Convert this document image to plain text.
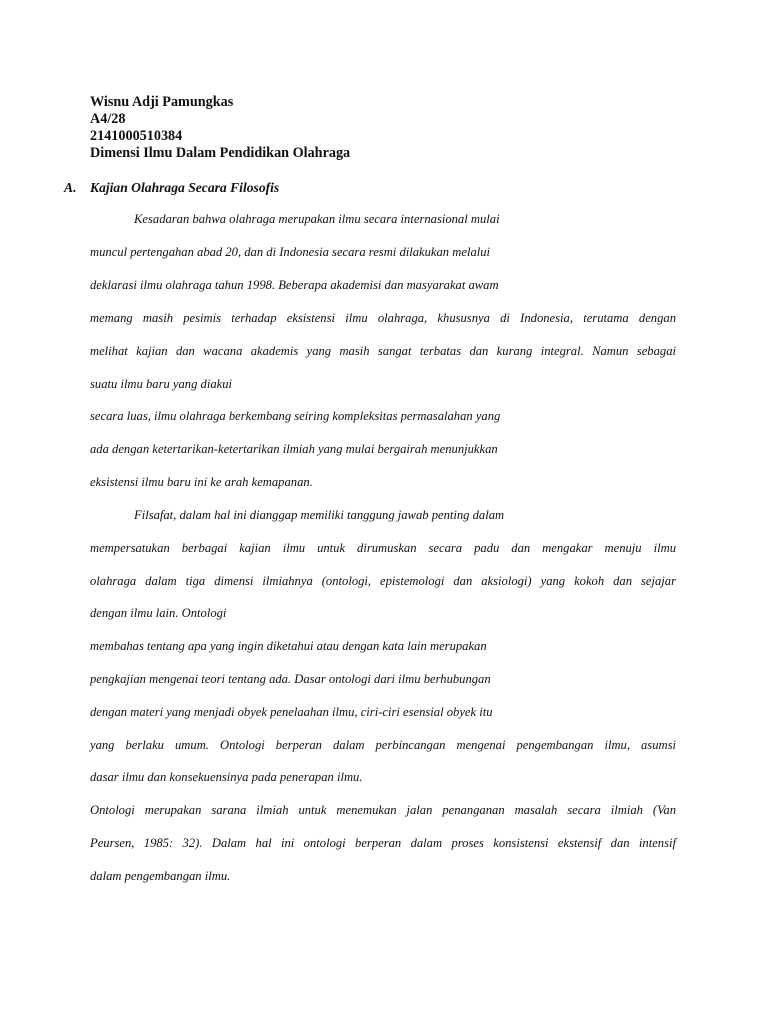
Wisnu Adji Pamungkas
A4/28
2141000510384
Dimensi Ilmu Dalam Pendidikan Olahraga
A. Kajian Olahraga Secara Filosofis
Kesadaran bahwa olahraga merupakan ilmu secara internasional mulai
muncul pertengahan abad 20, dan di Indonesia secara resmi dilakukan melalui
deklarasi ilmu olahraga tahun 1998. Beberapa akademisi dan masyarakat awam
memang masih pesimis terhadap eksistensi ilmu olahraga, khususnya di Indonesia, terutama dengan
melihat kajian dan wacana akademis yang masih sangat terbatas dan kurang integral. Namun sebagai
suatu ilmu baru yang diakui
secara luas, ilmu olahraga berkembang seiring kompleksitas permasalahan yang
ada dengan ketertarikan-ketertarikan ilmiah yang mulai bergairah menunjukkan
eksistensi ilmu baru ini ke arah kemapanan.
Filsafat, dalam hal ini dianggap memiliki tanggung jawab penting dalam
mempersatukan berbagai kajian ilmu untuk dirumuskan secara padu dan mengakar menuju ilmu
olahraga dalam tiga dimensi ilmiahnya (ontologi, epistemologi dan aksiologi) yang kokoh dan sejajar
dengan ilmu lain. Ontologi
membahas tentang apa yang ingin diketahui atau dengan kata lain merupakan
pengkajian mengenai teori tentang ada. Dasar ontologi dari ilmu berhubungan
dengan materi yang menjadi obyek penelaahan ilmu, ciri-ciri esensial obyek itu
yang berlaku umum. Ontologi berperan dalam perbincangan mengenai pengembangan ilmu, asumsi
dasar ilmu dan konsekuensinya pada penerapan ilmu.
Ontologi merupakan sarana ilmiah untuk menemukan jalan penanganan masalah secara ilmiah (Van
Peursen, 1985: 32). Dalam hal ini ontologi berperan dalam proses konsistensi ekstensif dan intensif
dalam pengembangan ilmu.
